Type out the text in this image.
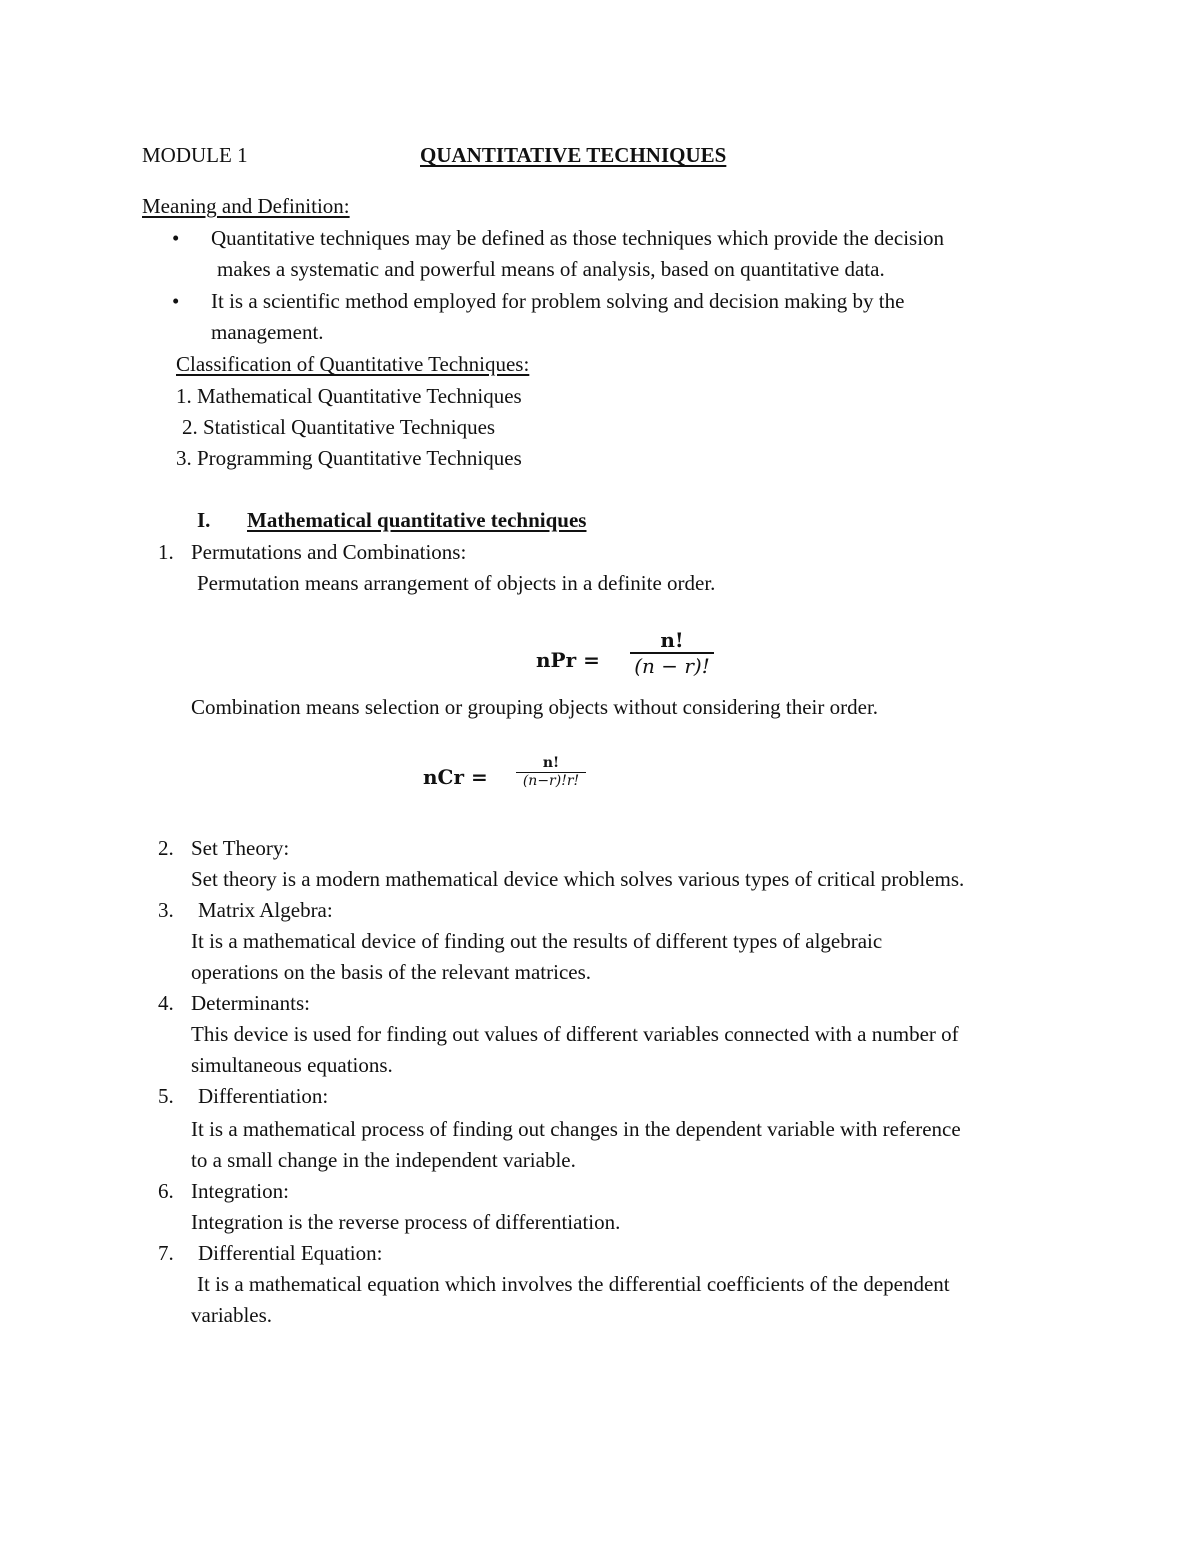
MODULE 1	QUANTITATIVE TECHNIQUES
Meaning and Definition:
• Quantitative techniques may be defined as those techniques which provide the decision
makes a systematic and powerful means of analysis, based on quantitative data.
• It is a scientific method employed for problem solving and decision making by the
management.
Classification of Quantitative Techniques:
1. Mathematical Quantitative Techniques
2. Statistical Quantitative Techniques
3. Programming Quantitative Techniques
I. Mathematical quantitative techniques
1. Permutations and Combinations:
Permutation means arrangement of objects in a definite order.
nPr =
n!
(n − r)!
Combination means selection or grouping objects without considering their order.
nCr =
n!
(n−r)!r!
2. Set Theory:
Set theory is a modern mathematical device which solves various types of critical problems.
3. Matrix Algebra:
It is a mathematical device of finding out the results of different types of algebraic
operations on the basis of the relevant matrices.
4. Determinants:
This device is used for finding out values of different variables connected with a number of
simultaneous equations.
5. Differentiation:
It is a mathematical process of finding out changes in the dependent variable with reference
to a small change in the independent variable.
6. Integration:
Integration is the reverse process of differentiation.
7. Differential Equation:
It is a mathematical equation which involves the differential coefficients of the dependent
variables.
